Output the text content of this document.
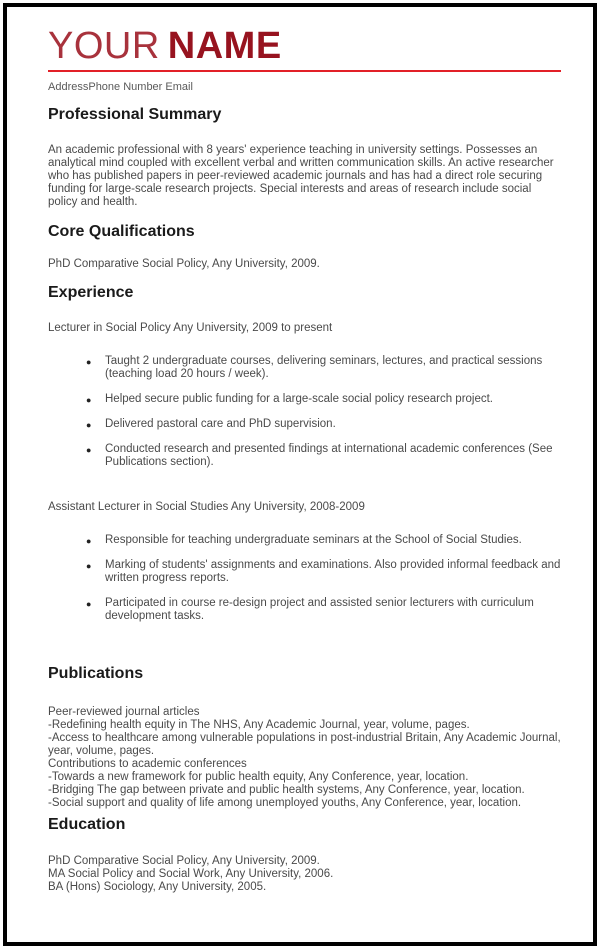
YOUR NAME
AddressPhone Number Email
Professional Summary

An academic professional with 8 years' experience teaching in university settings. Possesses an analytical mind coupled with excellent verbal and written communication skills. An active researcher who has published papers in peer-reviewed academic journals and has had a direct role securing funding for large-scale research projects. Special interests and areas of research include social policy and health.

Core Qualifications
PhD Comparative Social Policy, Any University, 2009.
Experience
Lecturer in Social Policy Any University, 2009 to present
● Taught 2 undergraduate courses, delivering seminars, lectures, and practical sessions (teaching load 20 hours / week).
● Helped secure public funding for a large-scale social policy research project.
● Delivered pastoral care and PhD supervision.
● Conducted research and presented findings at international academic conferences (See Publications section).
Assistant Lecturer in Social Studies Any University, 2008-2009
● Responsible for teaching undergraduate seminars at the School of Social Studies.
● Marking of students' assignments and examinations. Also provided informal feedback and written progress reports.
● Participated in course re-design project and assisted senior lecturers with curriculum development tasks.
Publications
Peer-reviewed journal articles
-Redefining health equity in The NHS, Any Academic Journal, year, volume, pages.
-Access to healthcare among vulnerable populations in post-industrial Britain, Any Academic Journal, year, volume, pages.
Contributions to academic conferences
-Towards a new framework for public health equity, Any Conference, year, location.
-Bridging The gap between private and public health systems, Any Conference, year, location.
-Social support and quality of life among unemployed youths, Any Conference, year, location.
Education
PhD Comparative Social Policy, Any University, 2009.
MA Social Policy and Social Work, Any University, 2006.
BA (Hons) Sociology, Any University, 2005.
